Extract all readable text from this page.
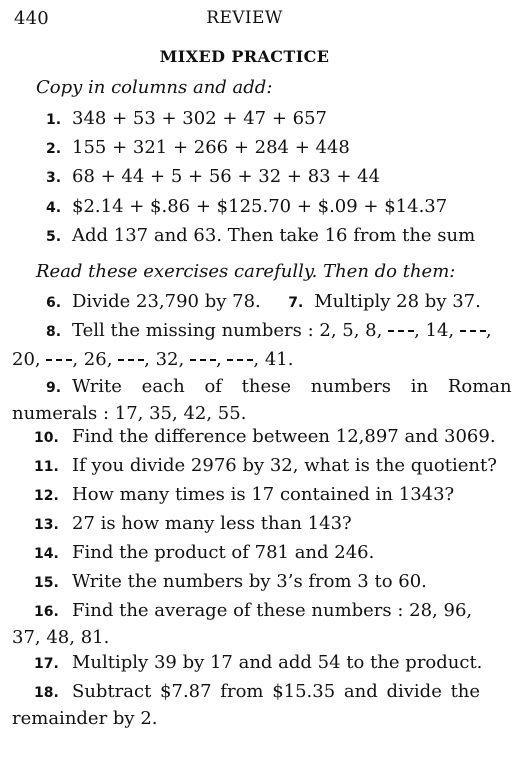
440	REVIEW
MIXED PRACTICE
Copy in columns and add:
1. 348 + 53 + 302 + 47 + 657
2. 155 + 321 + 266 + 284 + 448
3. 68 + 44 + 5 + 56 + 32 + 83 + 44
4. $2.14 + $.86 + $125.70 + $.09 + $14.37
5. Add 137 and 63. Then take 16 from the sum
Read these exercises carefully. Then do them:
6. Divide 23,790 by 78. 7. Multiply 28 by 37.
8. Tell the missing numbers : 2, 5, 8, , 14, ,
20, , 26, , 32, , , 41.
9. Write each of these numbers in Roman
numerals : 17, 35, 42, 55.
10. Find the difference between 12,897 and 3069.
11. If you divide 2976 by 32, what is the quotient?
12. How many times is 17 contained in 1343?
13. 27 is how many less than 143?
14. Find the product of 781 and 246.
15. Write the numbers by 3’s from 3 to 60.
16. Find the average of these numbers : 28, 96,
37, 48, 81.
17. Multiply 39 by 17 and add 54 to the product.
18. Subtract $7.87 from $15.35 and divide the
remainder by 2.
